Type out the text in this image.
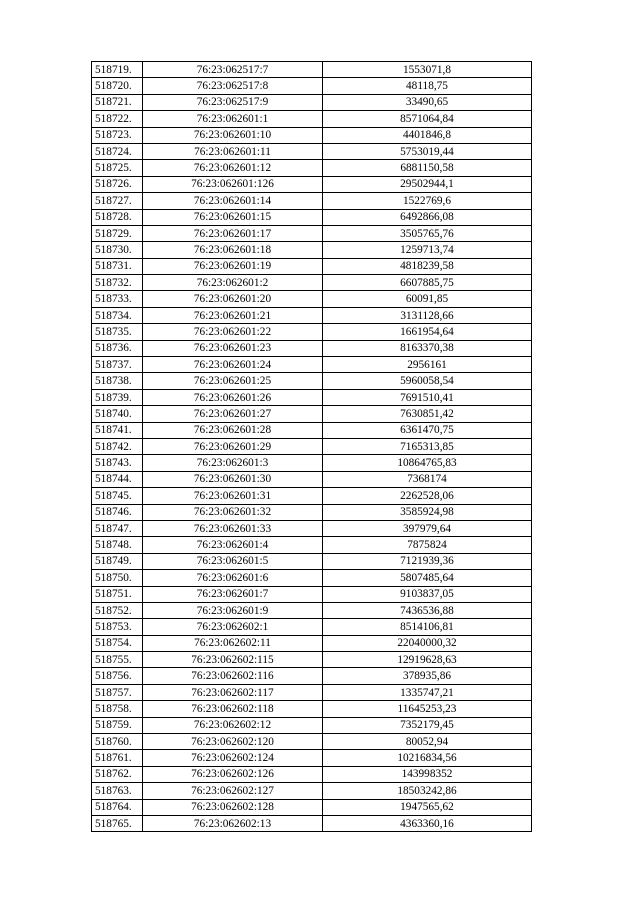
518719.	76:23:062517:7	1553071,8
518720.	76:23:062517:8	48118,75
518721.	76:23:062517:9	33490,65
518722.	76:23:062601:1	8571064,84
518723.	76:23:062601:10	4401846,8
518724.	76:23:062601:11	5753019,44
518725.	76:23:062601:12	6881150,58
518726.	76:23:062601:126	29502944,1
518727.	76:23:062601:14	1522769,6
518728.	76:23:062601:15	6492866,08
518729.	76:23:062601:17	3505765,76
518730.	76:23:062601:18	1259713,74
518731.	76:23:062601:19	4818239,58
518732.	76:23:062601:2	6607885,75
518733.	76:23:062601:20	60091,85
518734.	76:23:062601:21	3131128,66
518735.	76:23:062601:22	1661954,64
518736.	76:23:062601:23	8163370,38
518737.	76:23:062601:24	2956161
518738.	76:23:062601:25	5960058,54
518739.	76:23:062601:26	7691510,41
518740.	76:23:062601:27	7630851,42
518741.	76:23:062601:28	6361470,75
518742.	76:23:062601:29	7165313,85
518743.	76:23:062601:3	10864765,83
518744.	76:23:062601:30	7368174
518745.	76:23:062601:31	2262528,06
518746.	76:23:062601:32	3585924,98
518747.	76:23:062601:33	397979,64
518748.	76:23:062601:4	7875824
518749.	76:23:062601:5	7121939,36
518750.	76:23:062601:6	5807485,64
518751.	76:23:062601:7	9103837,05
518752.	76:23:062601:9	7436536,88
518753.	76:23:062602:1	8514106,81
518754.	76:23:062602:11	22040000,32
518755.	76:23:062602:115	12919628,63
518756.	76:23:062602:116	378935,86
518757.	76:23:062602:117	1335747,21
518758.	76:23:062602:118	11645253,23
518759.	76:23:062602:12	7352179,45
518760.	76:23:062602:120	80052,94
518761.	76:23:062602:124	10216834,56
518762.	76:23:062602:126	143998352
518763.	76:23:062602:127	18503242,86
518764.	76:23:062602:128	1947565,62
518765.	76:23:062602:13	4363360,16
